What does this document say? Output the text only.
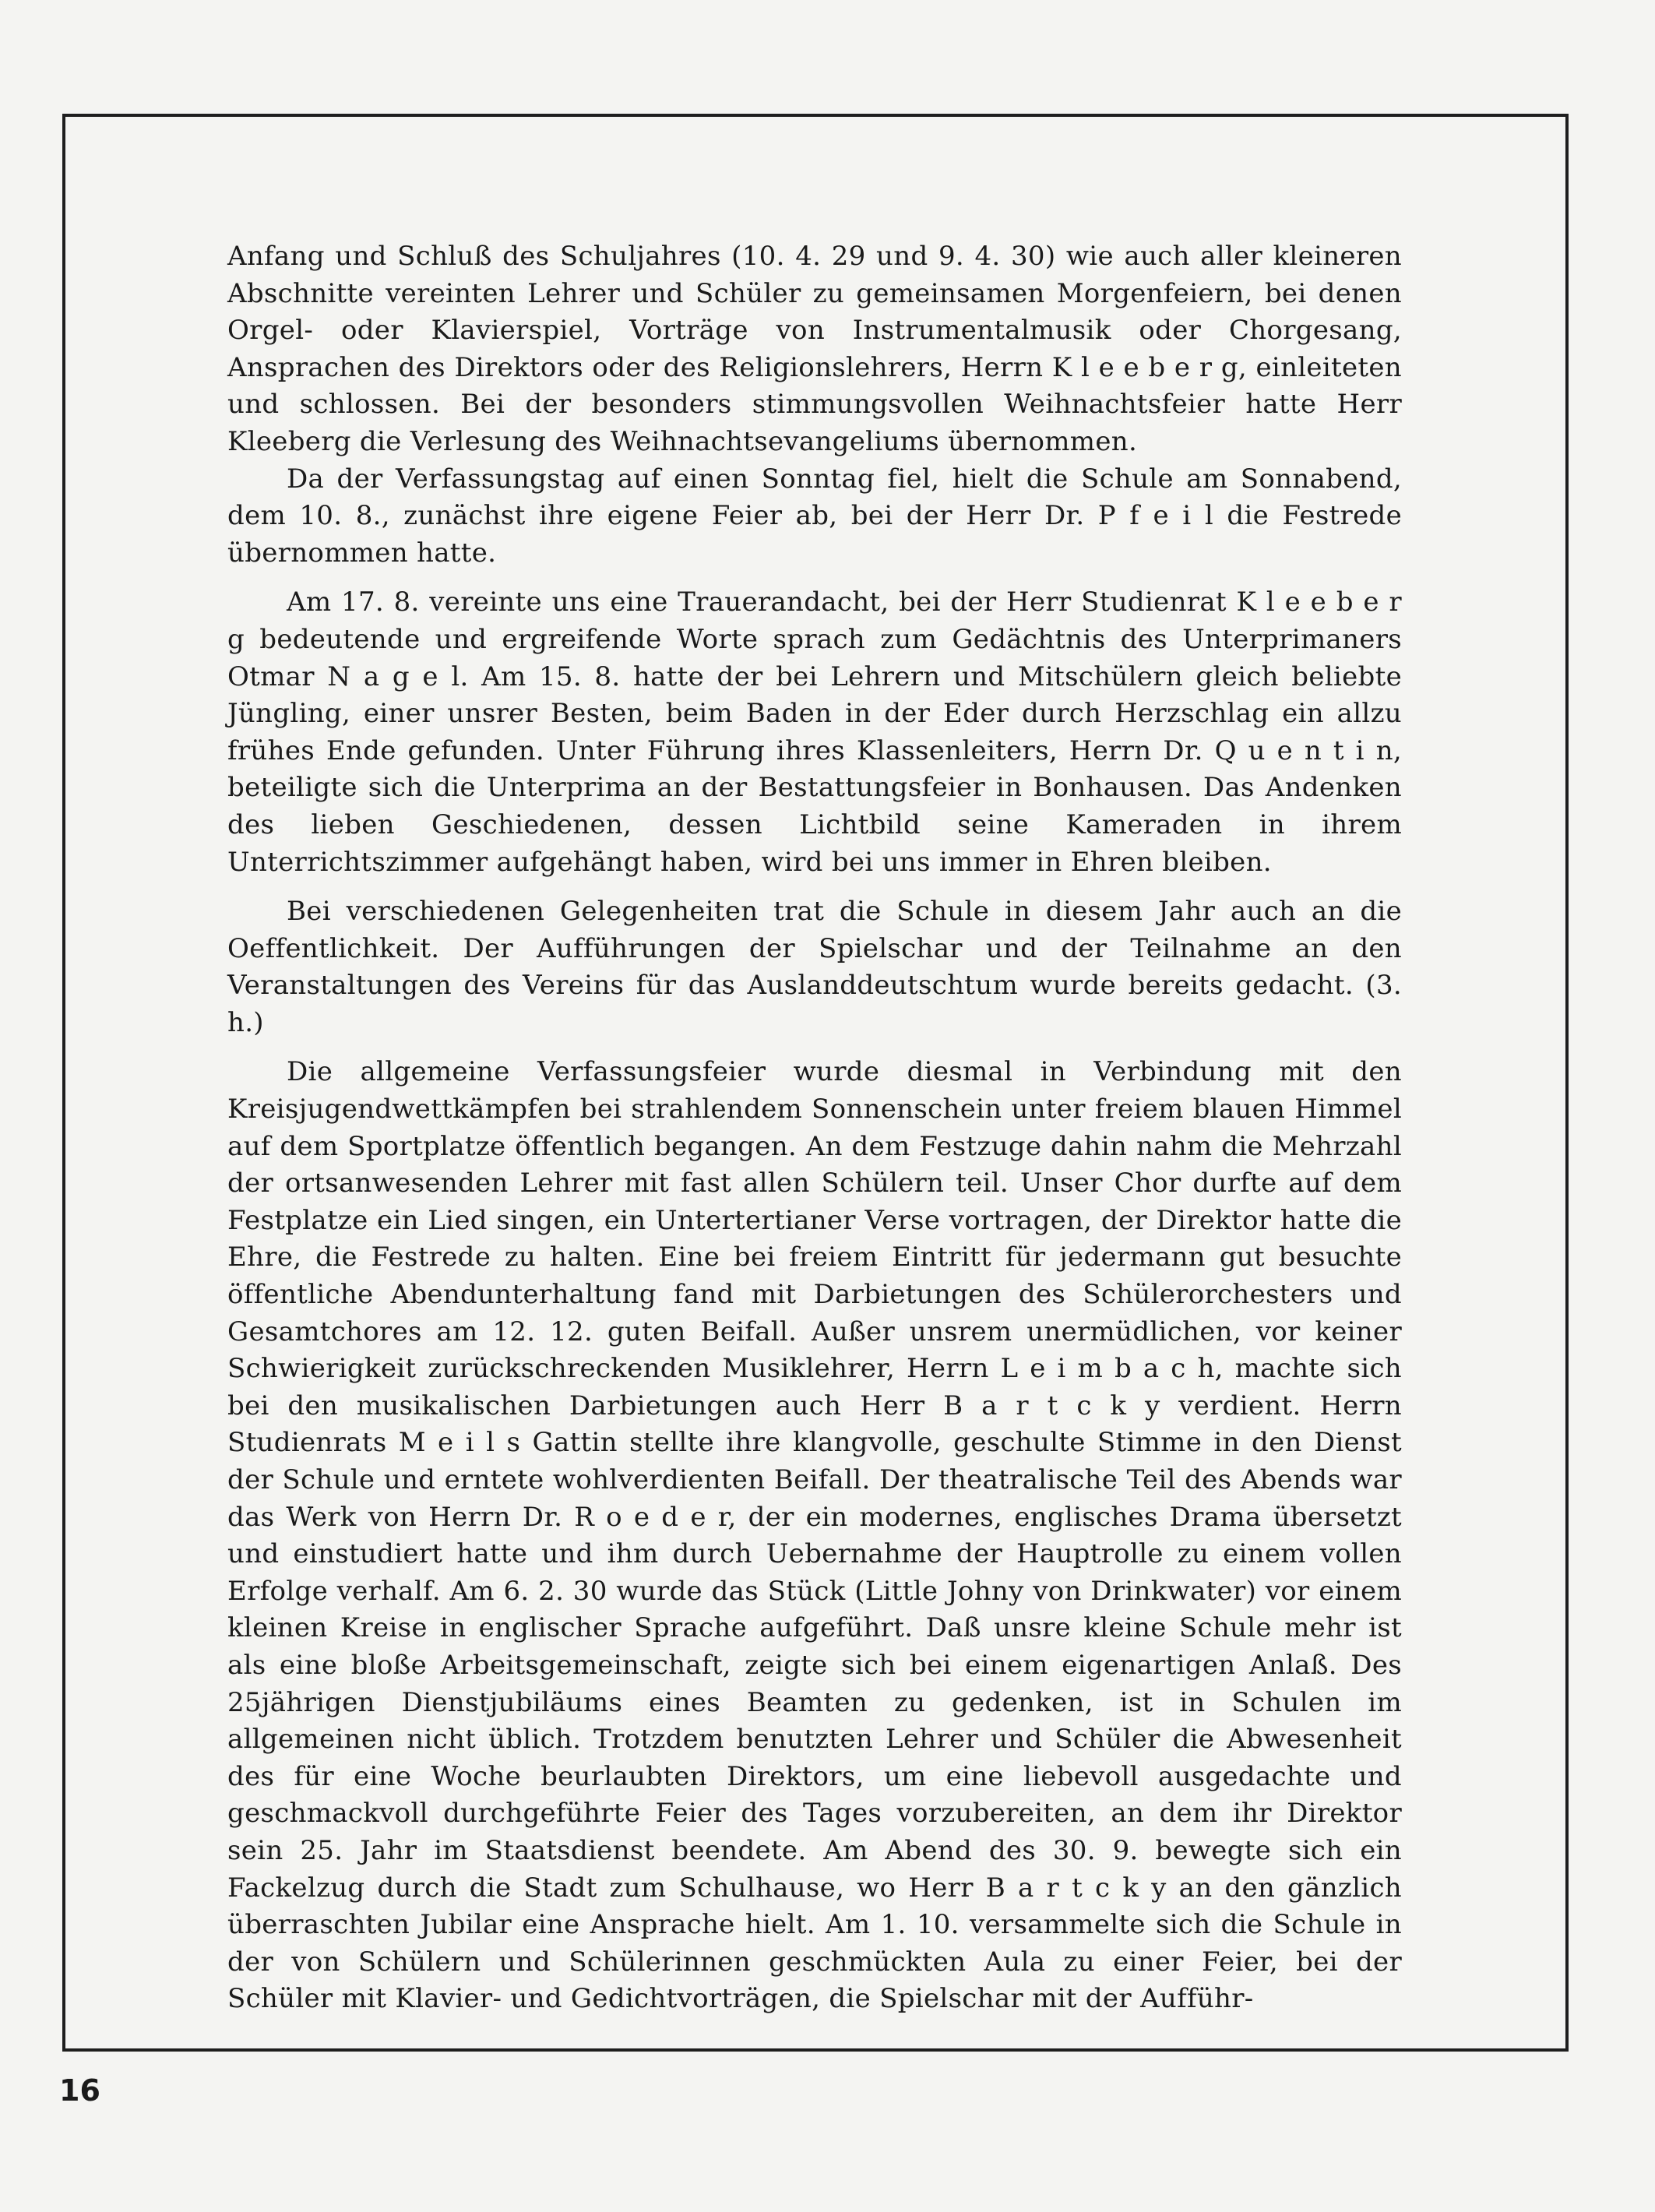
Anfang und Schluß des Schuljahres (10. 4. 29 und 9. 4. 30) wie auch aller kleineren Abschnitte vereinten Lehrer und Schüler zu gemeinsamen Morgenfeiern, bei denen Orgel- oder Klavierspiel, Vorträge von Instrumentalmusik oder Chorgesang, Ansprachen des Direktors oder des Religionslehrers, Herrn K l e e b e r g, einleiteten und schlossen. Bei der besonders stimmungsvollen Weihnachtsfeier hatte Herr Kleeberg die Verlesung des Weihnachtsevangeliums übernommen.

Da der Verfassungstag auf einen Sonntag fiel, hielt die Schule am Sonnabend, dem 10. 8., zunächst ihre eigene Feier ab, bei der Herr Dr. P f e i l die Festrede übernommen hatte.

Am 17. 8. vereinte uns eine Trauerandacht, bei der Herr Studienrat K l e e b e r g bedeutende und ergreifende Worte sprach zum Gedächtnis des Unterprimaners Otmar N a g e l. Am 15. 8. hatte der bei Lehrern und Mitschülern gleich beliebte Jüngling, einer unsrer Besten, beim Baden in der Eder durch Herzschlag ein allzu frühes Ende gefunden. Unter Führung ihres Klassenleiters, Herrn Dr. Q u e n t i n, beteiligte sich die Unterprima an der Bestattungsfeier in Bonhausen. Das Andenken des lieben Geschiedenen, dessen Lichtbild seine Kameraden in ihrem Unterrichtszimmer aufgehängt haben, wird bei uns immer in Ehren bleiben.

Bei verschiedenen Gelegenheiten trat die Schule in diesem Jahr auch an die Oeffentlichkeit. Der Aufführungen der Spielschar und der Teilnahme an den Veranstaltungen des Vereins für das Auslanddeutschtum wurde bereits gedacht. (3. h.)

Die allgemeine Verfassungsfeier wurde diesmal in Verbindung mit den Kreisjugendwettkämpfen bei strahlendem Sonnenschein unter freiem blauen Himmel auf dem Sportplatze öffentlich begangen. An dem Festzuge dahin nahm die Mehrzahl der ortsanwesenden Lehrer mit fast allen Schülern teil. Unser Chor durfte auf dem Festplatze ein Lied singen, ein Untertertianer Verse vortragen, der Direktor hatte die Ehre, die Festrede zu halten. Eine bei freiem Eintritt für jedermann gut besuchte öffentliche Abendunterhaltung fand mit Darbietungen des Schülerorchesters und Gesamtchores am 12. 12. guten Beifall. Außer unsrem unermüdlichen, vor keiner Schwierigkeit zurückschreckenden Musiklehrer, Herrn L e i m b a c h, machte sich bei den musikalischen Darbietungen auch Herr B a r t c k y verdient. Herrn Studienrats M e i l s Gattin stellte ihre klangvolle, geschulte Stimme in den Dienst der Schule und erntete wohlverdienten Beifall. Der theatralische Teil des Abends war das Werk von Herrn Dr. R o e d e r, der ein modernes, englisches Drama übersetzt und einstudiert hatte und ihm durch Uebernahme der Hauptrolle zu einem vollen Erfolge verhalf. Am 6. 2. 30 wurde das Stück (Little Johny von Drinkwater) vor einem kleinen Kreise in englischer Sprache aufgeführt. Daß unsre kleine Schule mehr ist als eine bloße Arbeitsgemeinschaft, zeigte sich bei einem eigenartigen Anlaß. Des 25jährigen Dienstjubiläums eines Beamten zu gedenken, ist in Schulen im allgemeinen nicht üblich. Trotzdem benutzten Lehrer und Schüler die Abwesenheit des für eine Woche beurlaubten Direktors, um eine liebevoll ausgedachte und geschmackvoll durchgeführte Feier des Tages vorzubereiten, an dem ihr Direktor sein 25. Jahr im Staatsdienst beendete. Am Abend des 30. 9. bewegte sich ein Fackelzug durch die Stadt zum Schulhause, wo Herr B a r t c k y an den gänzlich überraschten Jubilar eine Ansprache hielt. Am 1. 10. versammelte sich die Schule in der von Schülern und Schülerinnen geschmückten Aula zu einer Feier, bei der Schüler mit Klavier- und Gedichtvorträgen, die Spielschar mit der Aufführ-

16
